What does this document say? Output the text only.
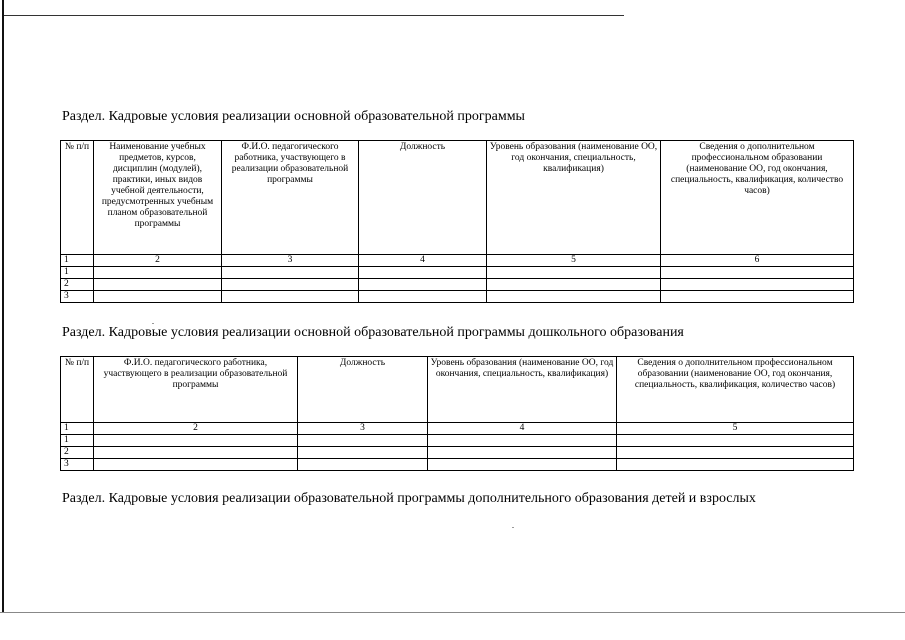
Раздел. Кадровые условия реализации основной образовательной программы
№ п/п	Наименование учебных предметов, курсов, дисциплин (модулей), практики, иных видов учебной деятельности, предусмотренных учебным планом образовательной программы	Ф.И.О. педагогического работника, участвующего в реализации образовательной программы	Должность	Уровень образования (наименование ОО, год окончания, специальность, квалификация)	Сведения о дополнительном профессиональном образовании (наименование ОО, год окончания, специальность, квалификация, количество часов)
1	2	3	4	5	6
1					
2					
3					
Раздел. Кадровые условия реализации основной образовательной программы дошкольного образования
№ п/п	Ф.И.О. педагогического работника, участвующего в реализации образовательной программы	Должность	Уровень образования (наименование ОО, год окончания, специальность, квалификация)	Сведения о дополнительном профессиональном образовании (наименование ОО, год окончания, специальность, квалификация, количество часов)
1	2	3	4	5
1				
2				
3				
Раздел. Кадровые условия реализации образовательной программы дополнительного образования детей и взрослых
